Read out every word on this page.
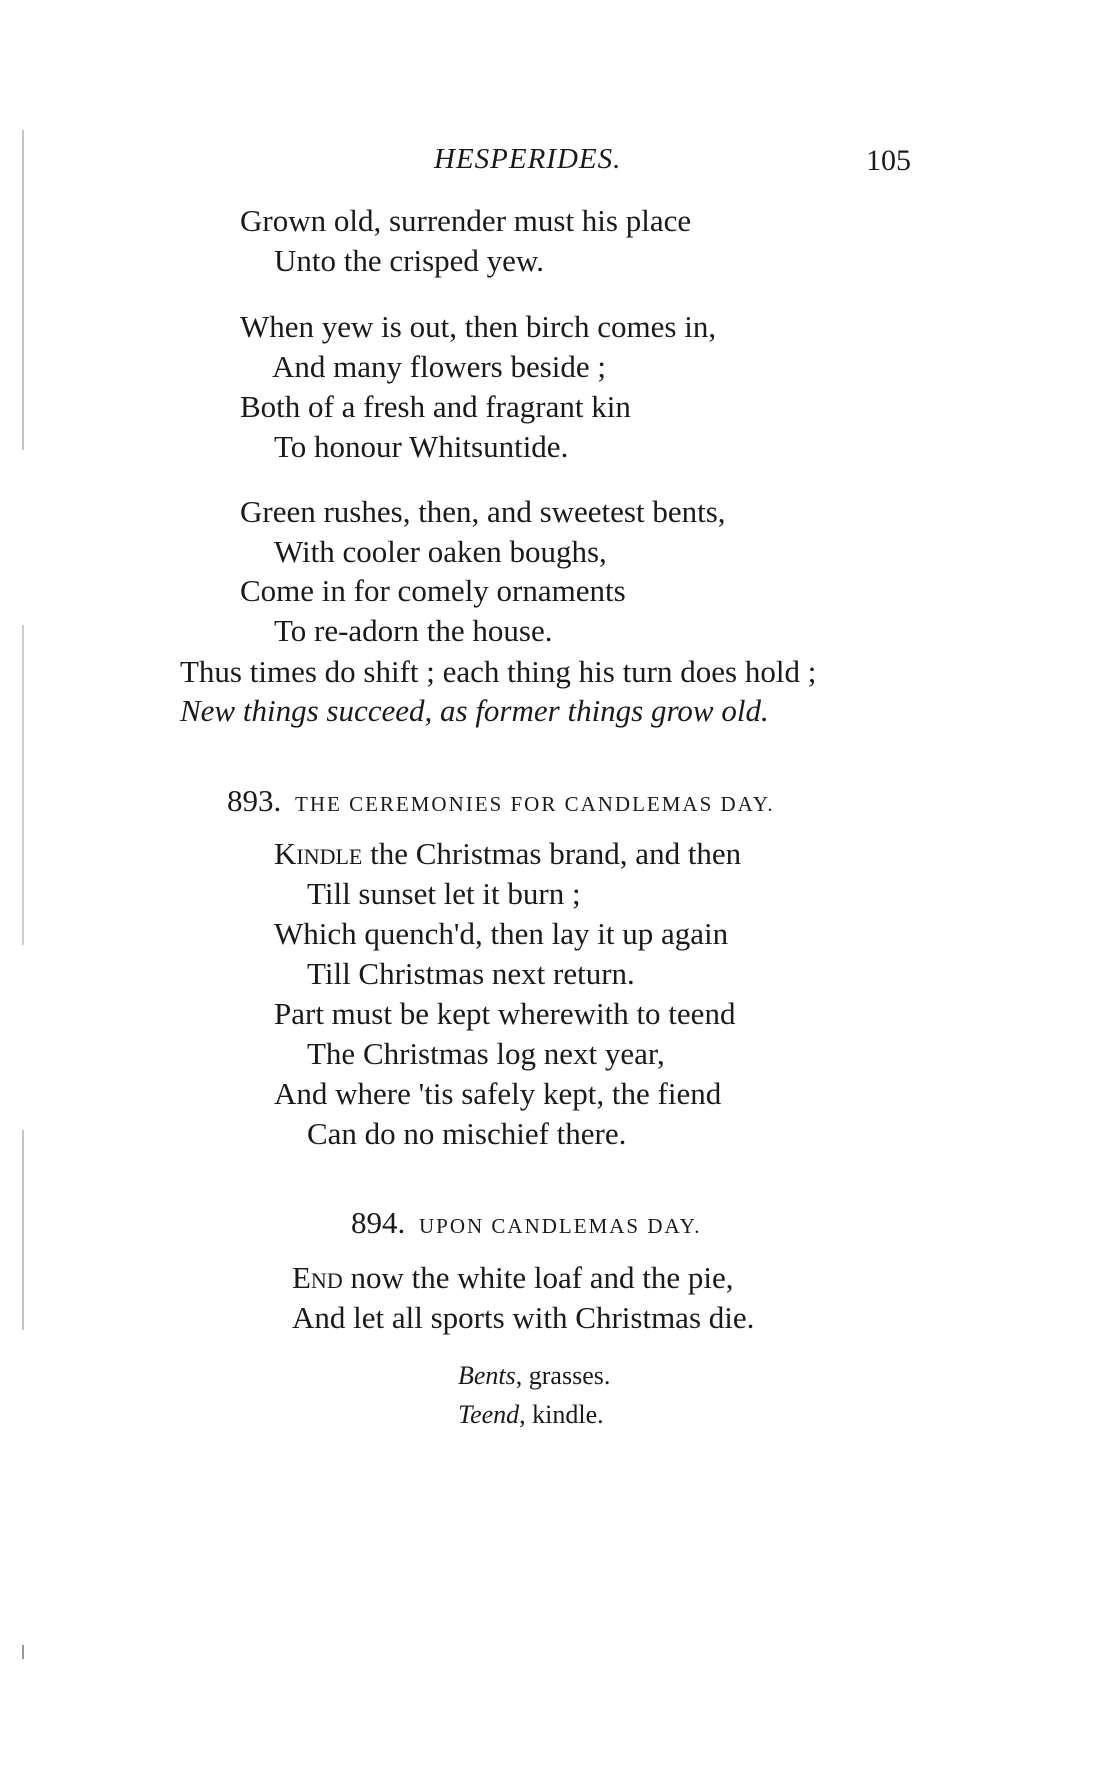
HESPERIDES.	105
Grown old, surrender must his place
Unto the crisped yew.
When yew is out, then birch comes in,
And many flowers beside ;
Both of a fresh and fragrant kin
To honour Whitsuntide.
Green rushes, then, and sweetest bents,
With cooler oaken boughs,
Come in for comely ornaments
To re-adorn the house.
Thus times do shift ; each thing his turn does hold ;
New things succeed, as former things grow old.
893. THE CEREMONIES FOR CANDLEMAS DAY.
Kindle the Christmas brand, and then
Till sunset let it burn ;
Which quench'd, then lay it up again
Till Christmas next return.
Part must be kept wherewith to teend
The Christmas log next year,
And where 'tis safely kept, the fiend
Can do no mischief there.
894. UPON CANDLEMAS DAY.
End now the white loaf and the pie,
And let all sports with Christmas die.
Bents, grasses.
Teend, kindle.
